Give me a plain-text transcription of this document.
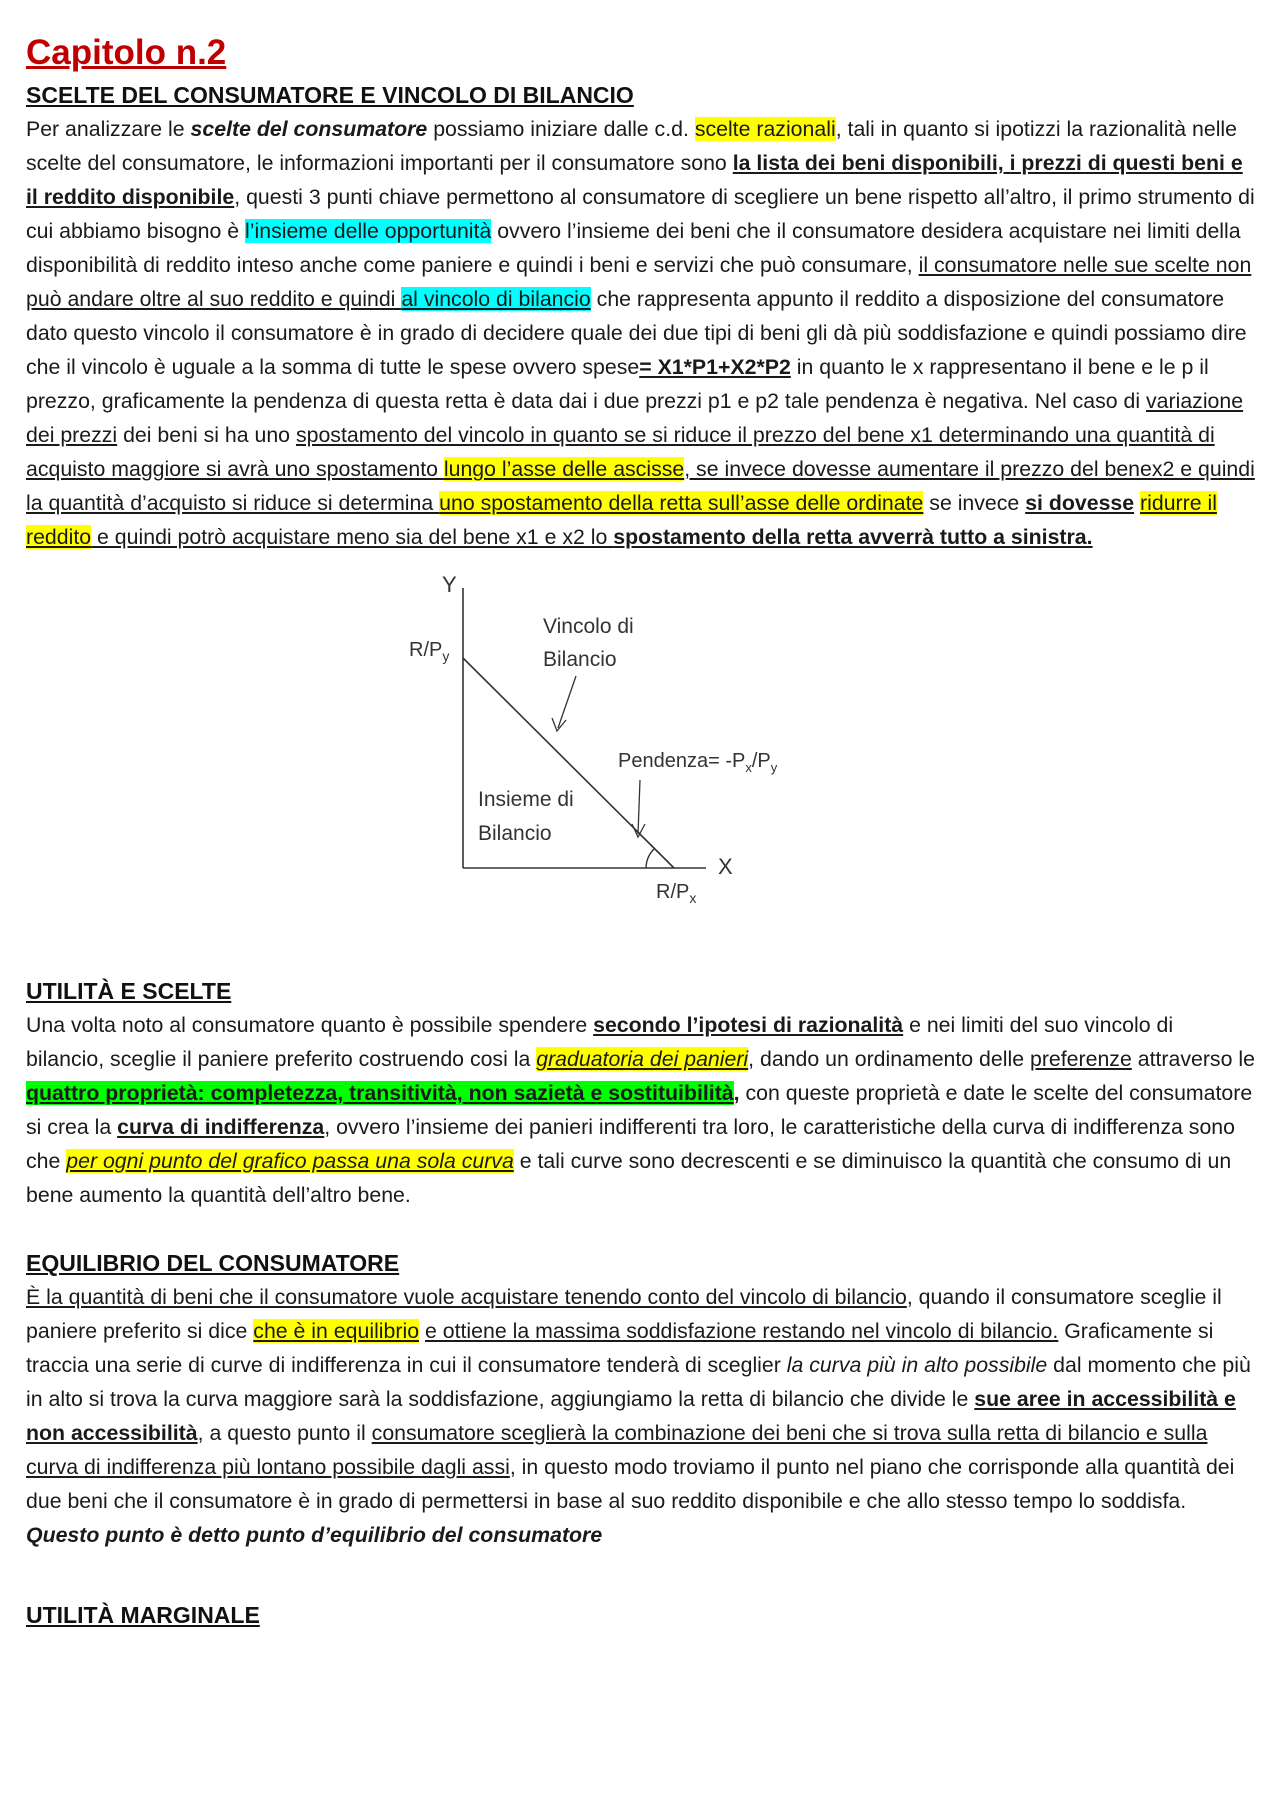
Capitolo n.2
SCELTE DEL CONSUMATORE E VINCOLO DI BILANCIO

Per analizzare le scelte del consumatore possiamo iniziare dalle c.d. scelte razionali, tali in quanto si ipotizzi la razionalità nelle scelte del consumatore, le informazioni importanti per il consumatore sono la lista dei beni disponibili, i prezzi di questi beni e il reddito disponibile, questi 3 punti chiave permettono al consumatore di scegliere un bene rispetto all’altro, il primo strumento di cui abbiamo bisogno è l’insieme delle opportunità ovvero l’insieme dei beni che il consumatore desidera acquistare nei limiti della disponibilità di reddito inteso anche come paniere e quindi i beni e servizi che può consumare, il consumatore nelle sue scelte non può andare oltre al suo reddito e quindi al vincolo di bilancio che rappresenta appunto il reddito a disposizione del consumatore dato questo vincolo il consumatore è in grado di decidere quale dei due tipi di beni gli dà più soddisfazione e quindi possiamo dire che il vincolo è uguale a la somma di tutte le spese ovvero spese= X1*P1+X2*P2 in quanto le x rappresentano il bene e le p il prezzo, graficamente la pendenza di questa retta è data dai i due prezzi p1 e p2 tale pendenza è negativa. Nel caso di variazione dei prezzi dei beni si ha uno spostamento del vincolo in quanto se si riduce il prezzo del bene x1 determinando una quantità di acquisto maggiore si avrà uno spostamento lungo l’asse delle ascisse, se invece dovesse aumentare il prezzo del benex2 e quindi la quantità d’acquisto si riduce si determina uno spostamento della retta sull’asse delle ordinate se invece si dovesse ridurre il reddito e quindi potrò acquistare meno sia del bene x1 e x2 lo spostamento della retta avverrà tutto a sinistra.

Y
X
$R/P_y$
$R/P_x$
Vincolo di
Bilancio
Pendenza= $-P_x/P_y$
Insieme di
Bilancio
UTILITÀ E SCELTE

Una volta noto al consumatore quanto è possibile spendere secondo l’ipotesi di razionalità e nei limiti del suo vincolo di bilancio, sceglie il paniere preferito costruendo cosi la graduatoria dei panieri, dando un ordinamento delle preferenze attraverso le quattro proprietà: completezza, transitività, non sazietà e sostituibilità, con queste proprietà e date le scelte del consumatore si crea la curva di indifferenza, ovvero l’insieme dei panieri indifferenti tra loro, le caratteristiche della curva di indifferenza sono che per ogni punto del grafico passa una sola curva e tali curve sono decrescenti e se diminuisco la quantità che consumo di un bene aumento la quantità dell’altro bene.

EQUILIBRIO DEL CONSUMATORE

È la quantità di beni che il consumatore vuole acquistare tenendo conto del vincolo di bilancio, quando il consumatore sceglie il paniere preferito si dice che è in equilibrio e ottiene la massima soddisfazione restando nel vincolo di bilancio. Graficamente si traccia una serie di curve di indifferenza in cui il consumatore tenderà di sceglier la curva più in alto possibile dal momento che più in alto si trova la curva maggiore sarà la soddisfazione, aggiungiamo la retta di bilancio che divide le sue aree in accessibilità e non accessibilità, a questo punto il consumatore sceglierà la combinazione dei beni che si trova sulla retta di bilancio e sulla curva di indifferenza più lontano possibile dagli assi, in questo modo troviamo il punto nel piano che corrisponde alla quantità dei due beni che il consumatore è in grado di permettersi in base al suo reddito disponibile e che allo stesso tempo lo soddisfa. Questo punto è detto punto d’equilibrio del consumatore

UTILITÀ MARGINALE
